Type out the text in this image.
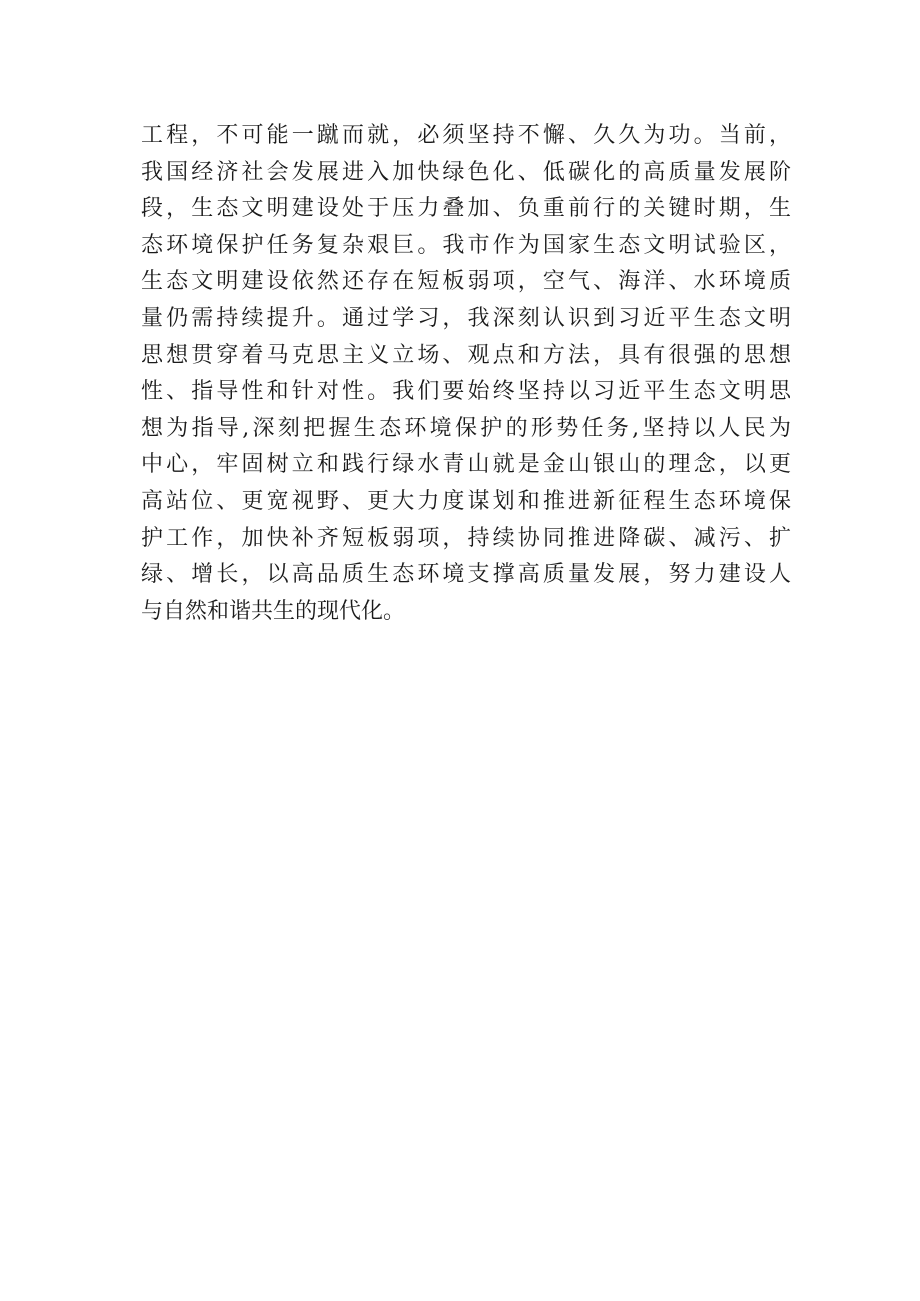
工程，不可能一蹴而就，必须坚持不懈、久久为功。当前，
我国经济社会发展进入加快绿色化、低碳化的高质量发展阶
段，生态文明建设处于压力叠加、负重前行的关键时期，生
态环境保护任务复杂艰巨。我市作为国家生态文明试验区，
生态文明建设依然还存在短板弱项，空气、海洋、水环境质
量仍需持续提升。通过学习，我深刻认识到习近平生态文明
思想贯穿着马克思主义立场、观点和方法，具有很强的思想
性、指导性和针对性。我们要始终坚持以习近平生态文明思
想为指导,深刻把握生态环境保护的形势任务,坚持以人民为
中心，牢固树立和践行绿水青山就是金山银山的理念，以更
高站位、更宽视野、更大力度谋划和推进新征程生态环境保
护工作，加快补齐短板弱项，持续协同推进降碳、减污、扩
绿、增长，以高品质生态环境支撑高质量发展，努力建设人
与自然和谐共生的现代化。
